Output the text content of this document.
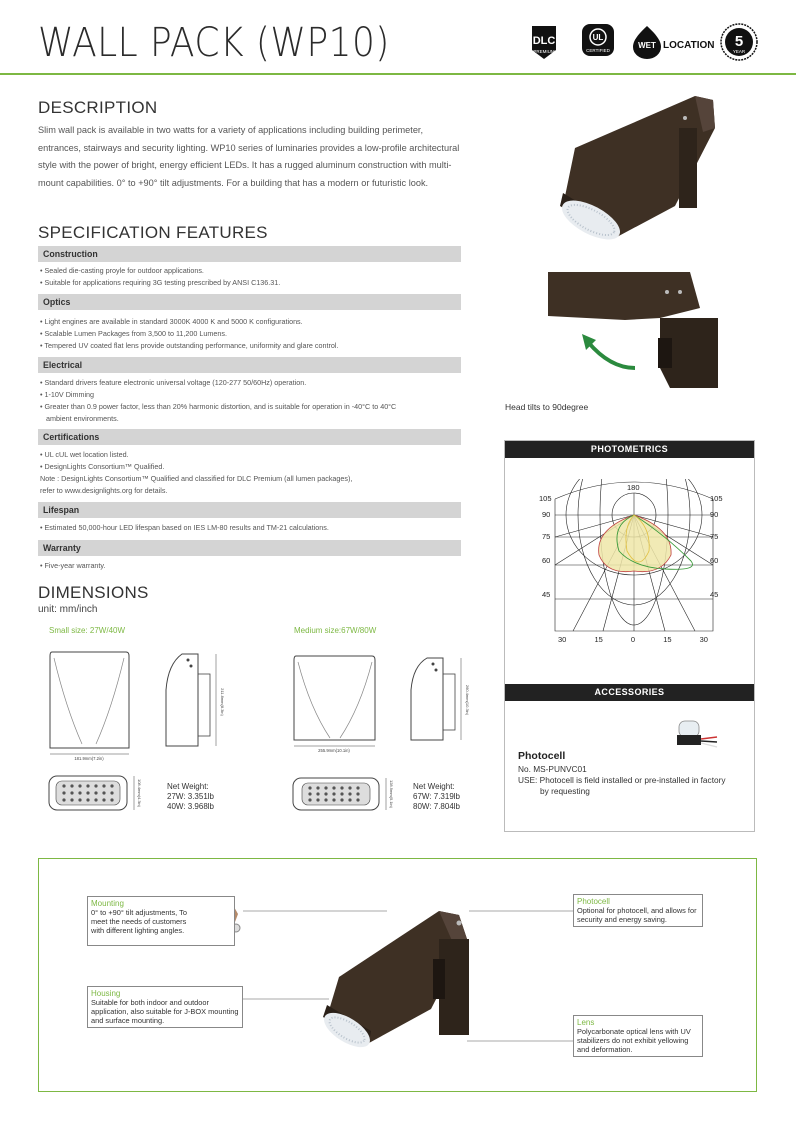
WALL PACK (WP10)	DLC
PREMIUM
UL
CERTIFIED
WET LOCATION 5
YEAR
DESCRIPTION

Slim wall pack is available in two watts for a variety of applications including building perimeter, entrances, stairways and security lighting. WP10 series of luminaries provides a low-profile architectural style with the power of bright, energy efficient LEDs. It has a rugged aluminum construction with multi-mount capabilities. 0° to +90° tilt adjustments. For a building that has a modern or futuristic look.

Head tilts to 90degree
SPECIFICATION FEATURES
Construction
• Sealed die-casting proyle for outdoor applications.
• Suitable for applications requiring 3G testing prescribed by ANSI C136.31.
Optics
• Light engines are available in standard 3000K 4000 K and 5000 K configurations.
• Scalable Lumen Packages from 3,500 to 11,200 Lumens.
• Tempered UV coated flat lens provide outstanding performance, uniformity and glare control.
Electrical
• Standard drivers feature electronic universal voltage (120-277 50/60Hz) operation.
• 1-10V Dimming
• Greater than 0.9 power factor, less than 20% harmonic distortion, and is suitable for operation in -40°C to 40°C
ambient environments.
Certifications
• UL cUL wet location listed.
• DesignLights Consortium™ Qualified.
Note : DesignLights Consortium™ Qualified and classified for DLC Premium (all lumen packages),
refer to www.designlights.org for details.
Lifespan
• Estimated 50,000-hour LED lifespan based on IES LM-80 results and TM-21 calculations.
Warranty
• Five-year warranty.
DIMENSIONS
unit: mm/inch
Small size: 27W/40W	Medium size:67W/80W
181.9mm(7.2in)
211.8mm(8.3in)
108.4mm(4.3in)	Net Weight:
27W: 3.351lb
40W: 3.968lb
255.9mm(10.1in)
260.4mm(10.3in)
128.9mm(5.1in) Net Weight:
67W: 7.319lb
80W: 7.804lb
PHOTOMETRICS
180
105
90
75
60
45
105
90
75
60
45
30	15	0	15	30
ACCESSORIES
Photocell
No. MS-PUNVC01
USE: Photocell is field installed or pre-installed in factory
by requesting
Mounting
0° to +90° tilt adjustments, To meet the needs of customers with different lighting angles.
Housing
Suitable for both indoor and outdoor application, also suitable for J-BOX mounting and surface mounting.
Photocell
Optional for photocell, and allows for security and energy saving.
Lens
Polycarbonate optical lens with UV stabilizers do not exhibit yellowing and deformation.
